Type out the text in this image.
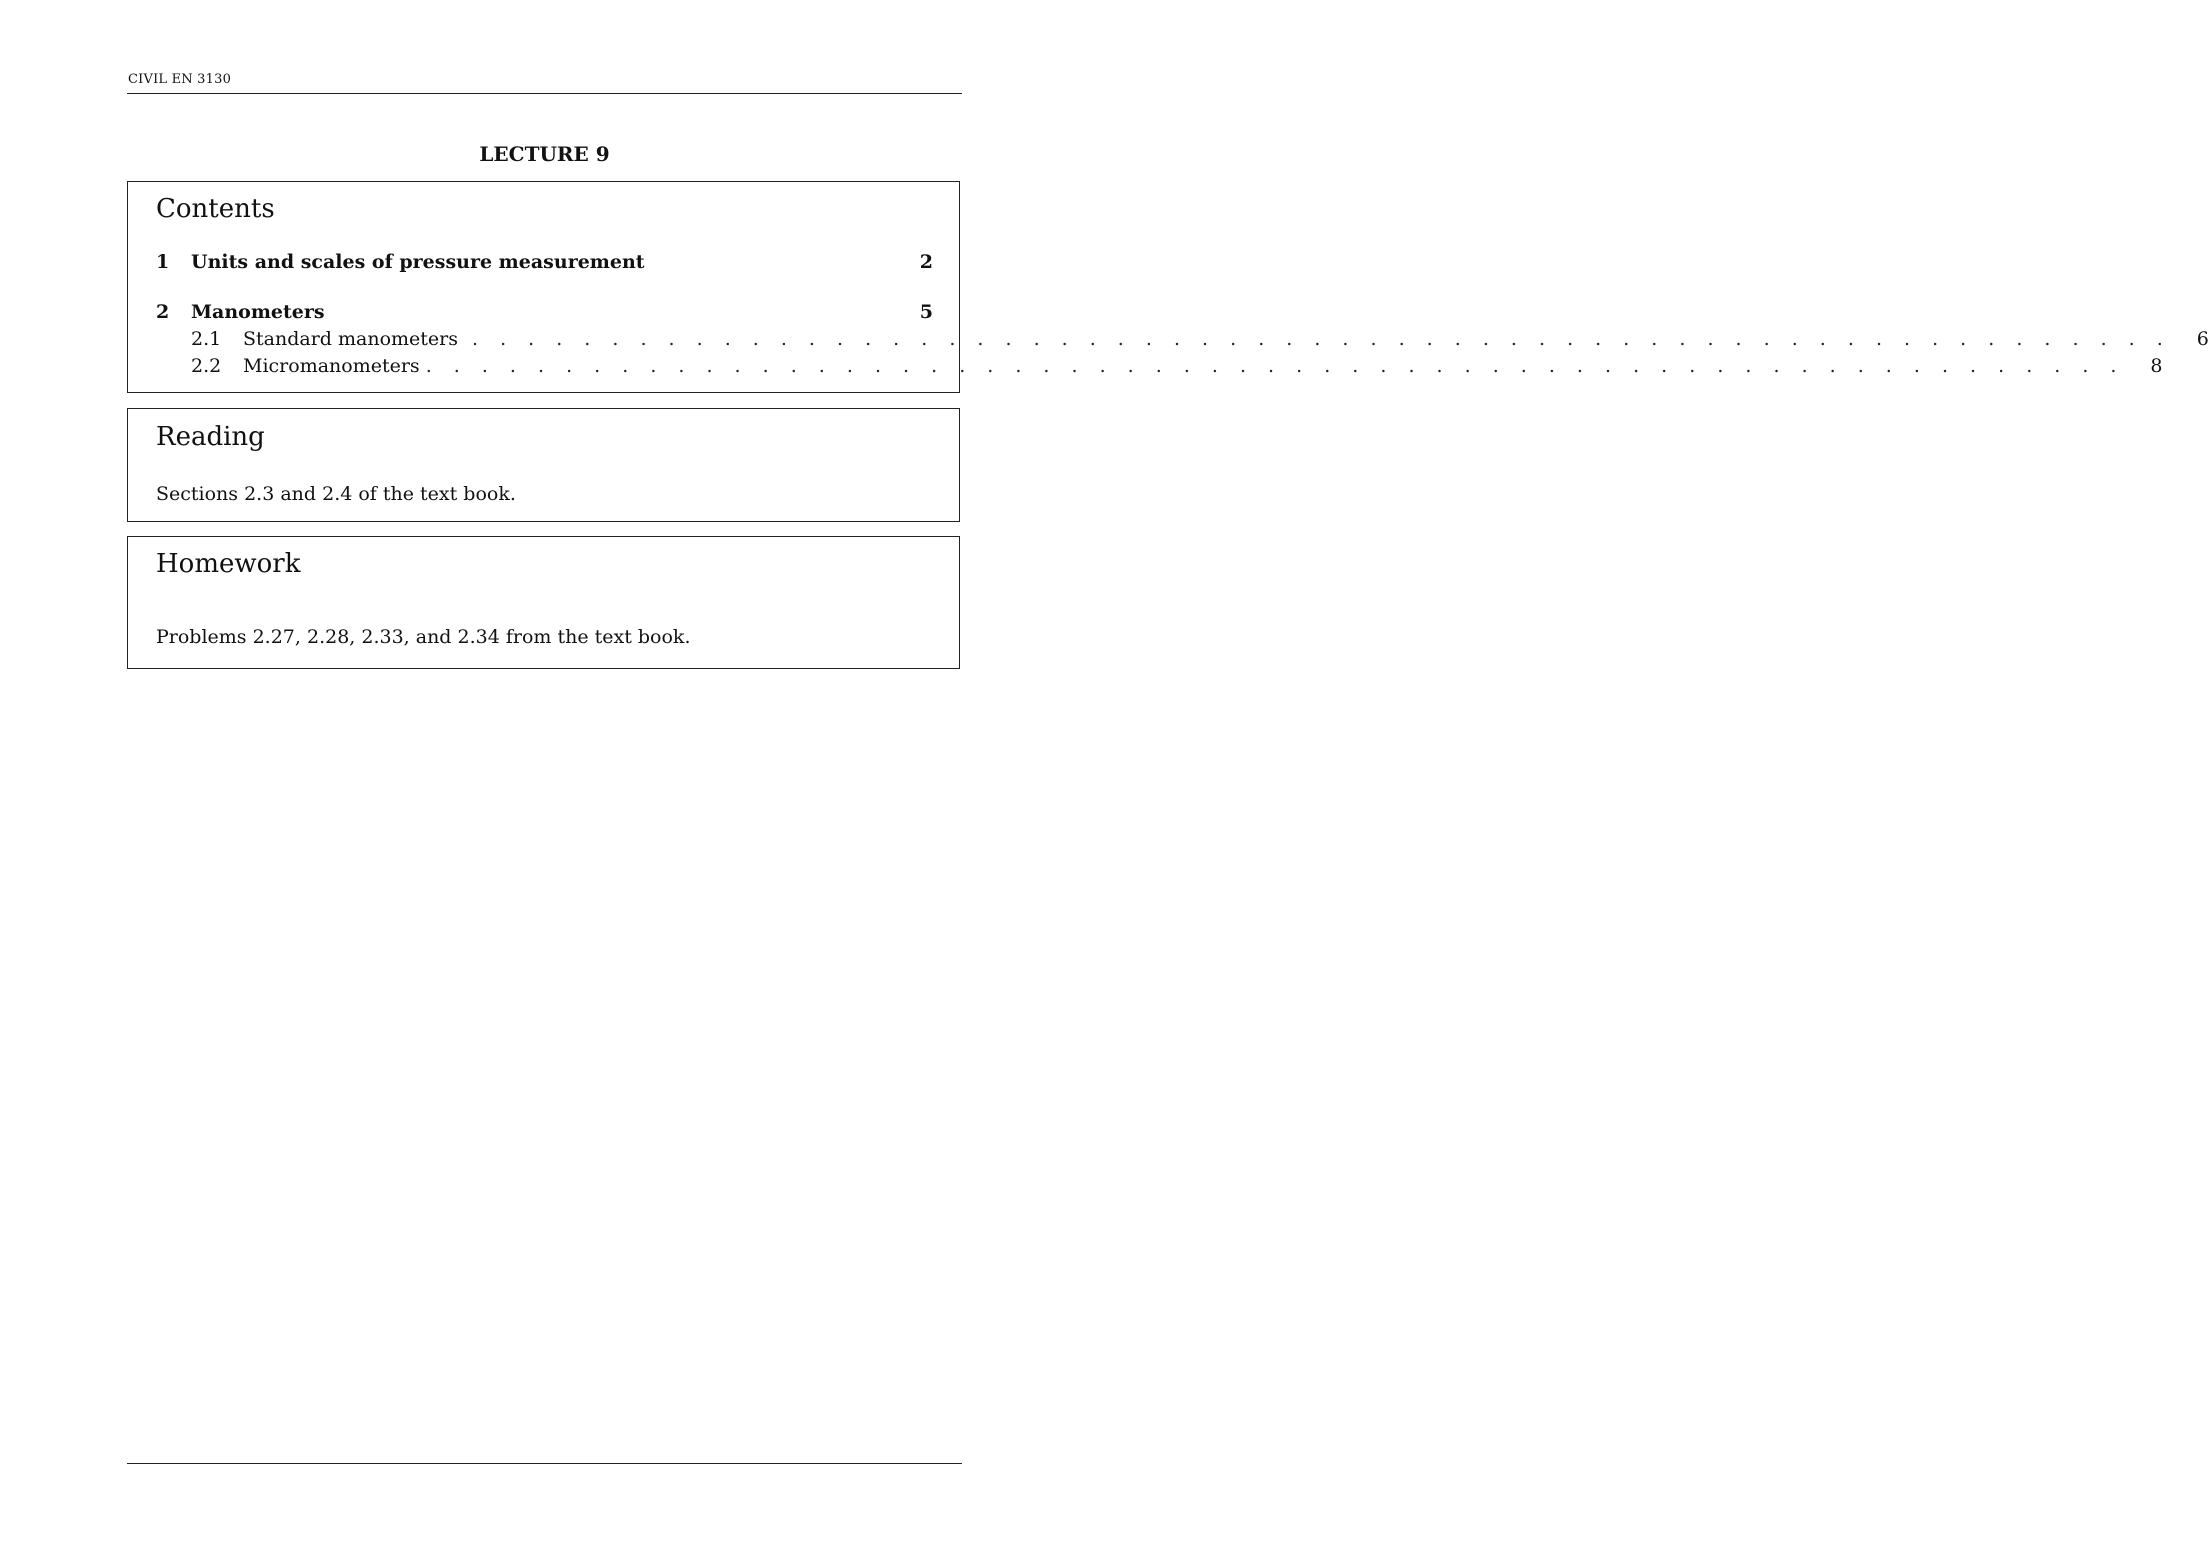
CIVIL EN 3130
LECTURE 9
Contents
1	Units and scales of pressure measurement	2
2	Manometers	5
2.1	Standard manometers . . . . . . . . . . . . . . . . . . . . . . . . . . . . . . . . . . . . . . . . . . . . . . . . . . . . . . . . . . . . .	6
2.2	Micromanometers . . . . . . . . . . . . . . . . . . . . . . . . . . . . . . . . . . . . . . . . . . . . . . . . . . . . . . . . . . . . .	8
Reading
Sections 2.3 and 2.4 of the text book.
Homework
Problems 2.27, 2.28, 2.33, and 2.34 from the text book.
